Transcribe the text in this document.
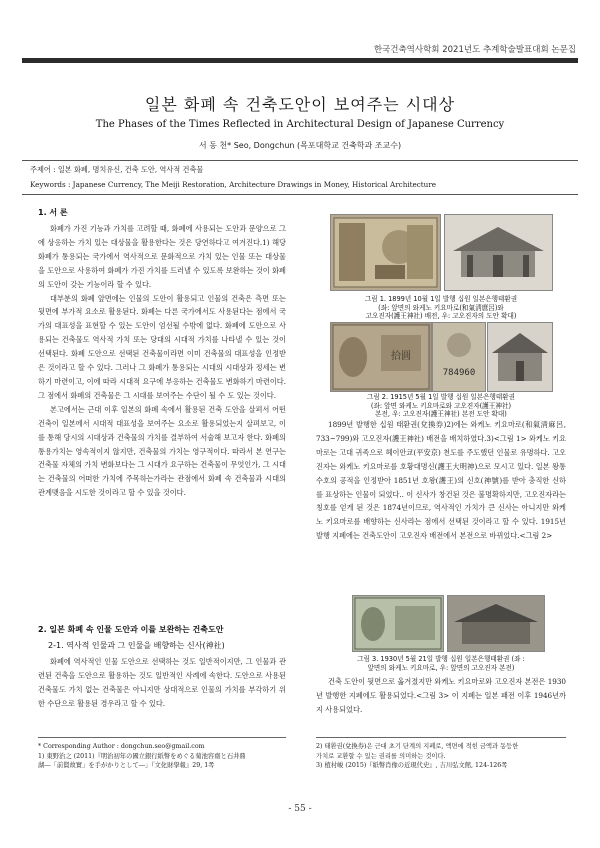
한국건축역사학회 2021년도 추계학술발표대회 논문집
일본 화폐 속 건축도안이 보여주는 시대상
The Phases of the Times Reflected in Architectural Design of Japanese Currency
서 동 천* Seo, Dongchun (목포대학교 건축학과 조교수)
주제어 : 일본 화폐, 명치유신, 건축 도안, 역사적 건축물
Keywords : Japanese Currency, The Meiji Restoration, Architecture Drawings in Money, Historical Architecture
1. 서 론

화폐가 가진 기능과 가치를 고려할 때, 화폐에 사용되는 도안과 문양으로 그에 상응하는 가치 있는 대상물을 활용한다는 것은 당연하다고 여겨진다.1) 해당 화폐가 통용되는 국가에서 역사적으로 문화적으로 가치 있는 인물 또는 대상물을 도안으로 사용하여 화폐가 가진 가치를 드러낼 수 있도록 보완하는 것이 화폐의 도안이 갖는 기능이라 할 수 있다.

대부분의 화폐 앞면에는 인물의 도안이 활용되고 인물의 건축은 측면 또는 뒷면에 부가적 요소로 활용된다. 화폐는 다른 국가에서도 사용된다는 점에서 국가의 대표성을 표현할 수 있는 도안이 엄선될 수밖에 없다. 화폐에 도안으로 사용되는 건축물도 역사적 가치 또는 당대의 시대적 가치를 나타낼 수 있는 것이 선택된다. 화폐 도안으로 선택된 건축물이라면 이미 건축물의 대표성을 인정받은 것이라고 할 수 있다. 그러나 그 화폐가 통용되는 시대의 시대상과 정세는 변하기 마련이고, 이에 따라 시대적 요구에 부응하는 건축물도 변화하기 마련이다. 그 점에서 화폐의 건축물은 그 시대를 보여주는 수단이 될 수 도 있는 것이다.

본고에서는 근대 이후 일본의 화폐 속에서 활용된 건축 도안을 살펴서 어떤 건축이 일본에서 시대적 대표성을 보여주는 요소로 활용되었는지 살펴보고, 이를 통해 당시의 시대상과 건축물의 가치를 결부하여 서술해 보고자 한다. 화폐의 통용가치는 영속적이지 않지만, 건축물의 가치는 영구적이다. 따라서 본 연구는 건축물 자체의 가치 변화보다는 그 시대가 요구하는 건축물이 무엇인가, 그 시대는 건축물의 어떠한 가치에 주목하는가라는 관점에서 화폐 속 건축물과 시대의 관계맺음을 시도한 것이라고 할 수 있을 것이다.

2. 일본 화폐 속 인물 도안과 이를 보완하는 건축도안
2-1. 역사적 인물과 그 인물을 배향하는 신사(神社)

화폐에 역사적인 인물 도안으로 선택하는 것도 일반적이지만, 그 인물과 관련된 건축을 도안으로 활용하는 것도 일반적인 사례에 속한다. 도안으로 사용된 건축물도 가치 없는 건축물은 아니지만 상대적으로 인물의 가치를 부각하기 위한 수단으로 활용된 경우라고 할 수 있다.

그림 1. 1899년 10월 1일 발행 십원 일본은행태환권
(좌: 앞면의 와케노 키요마로(和氣淸麿呂)와
고오진자(護王神社) 배전, 우: 고오진자의 도안 확대)
拾圓
784960
그림 2. 1915년 5월 1일 발행 십원 일본은행태환권
(좌: 앞면 와케노 키요마로와 고오진자(護王神社)
본전, 우: 고오진자(護王神社) 본전 도안 확대)

1899년 발행한 십원 태환권(兌換券)2)에는 와케노 키요마로(和氣淸麻呂, 733~799)와 고오진자(護王神社) 배전을 배치하였다.3)<그림 1> 와케노 키요마로는 고대 귀족으로 헤이안쿄(平安京) 천도를 주도했던 인물로 유명하다. 고오진자는 와케노 키요마로를 호황대명신(護王大明神)으로 모시고 있다. 일본 왕통 수호의 공적을 인정받아 1851년 호왕(護王)의 신호(神號)를 받아 충직한 신하를 표상하는 인물이 되었다.. 이 신사가 창건된 것은 불명확하지만, 고오진자라는 칭호를 얻게 된 것은 1874년이므로, 역사적인 가치가 큰 신사는 아니지만 와케노 키요마로를 배향하는 신사라는 점에서 선택된 것이라고 할 수 있다. 1915년 발행 지폐에는 건축도안이 고오진자 배전에서 본전으로 바뀌었다.<그림 2>

그림 3. 1930년 5월 21일 발행 십원 일본은행태환권 (좌 :
앞면의 와케노 키요마로, 우: 앞면의 고오진자 본전)

건축 도안이 뒷면으로 옮겨졌지만 와케노 키요마로와 고오진자 본전은 1930년 발행한 지폐에도 활용되었다.<그림 3> 이 지폐는 일본 패전 이후 1946년까지 사용되었다.

* Corresponding Author : dongchun.seo@gmail.com
1) 東野治之 (2011)『明治初年の國立銀行紙幣をめぐる菊池容齋と石井鼎
湖―「前賢故實」を手がかりとして―」『文化財學報』29, 1쪽
2) 태환권(兌換券)은 근대 초기 단계의 지폐로, 액면에 적힌 금액과 동등한
가치로 교환할 수 있는 권리를 의미하는 것이다.
3) 植村峻 (2015)『紙幣肖像の近現代史』, 吉川弘文館, 124-126쪽
- 55 -
